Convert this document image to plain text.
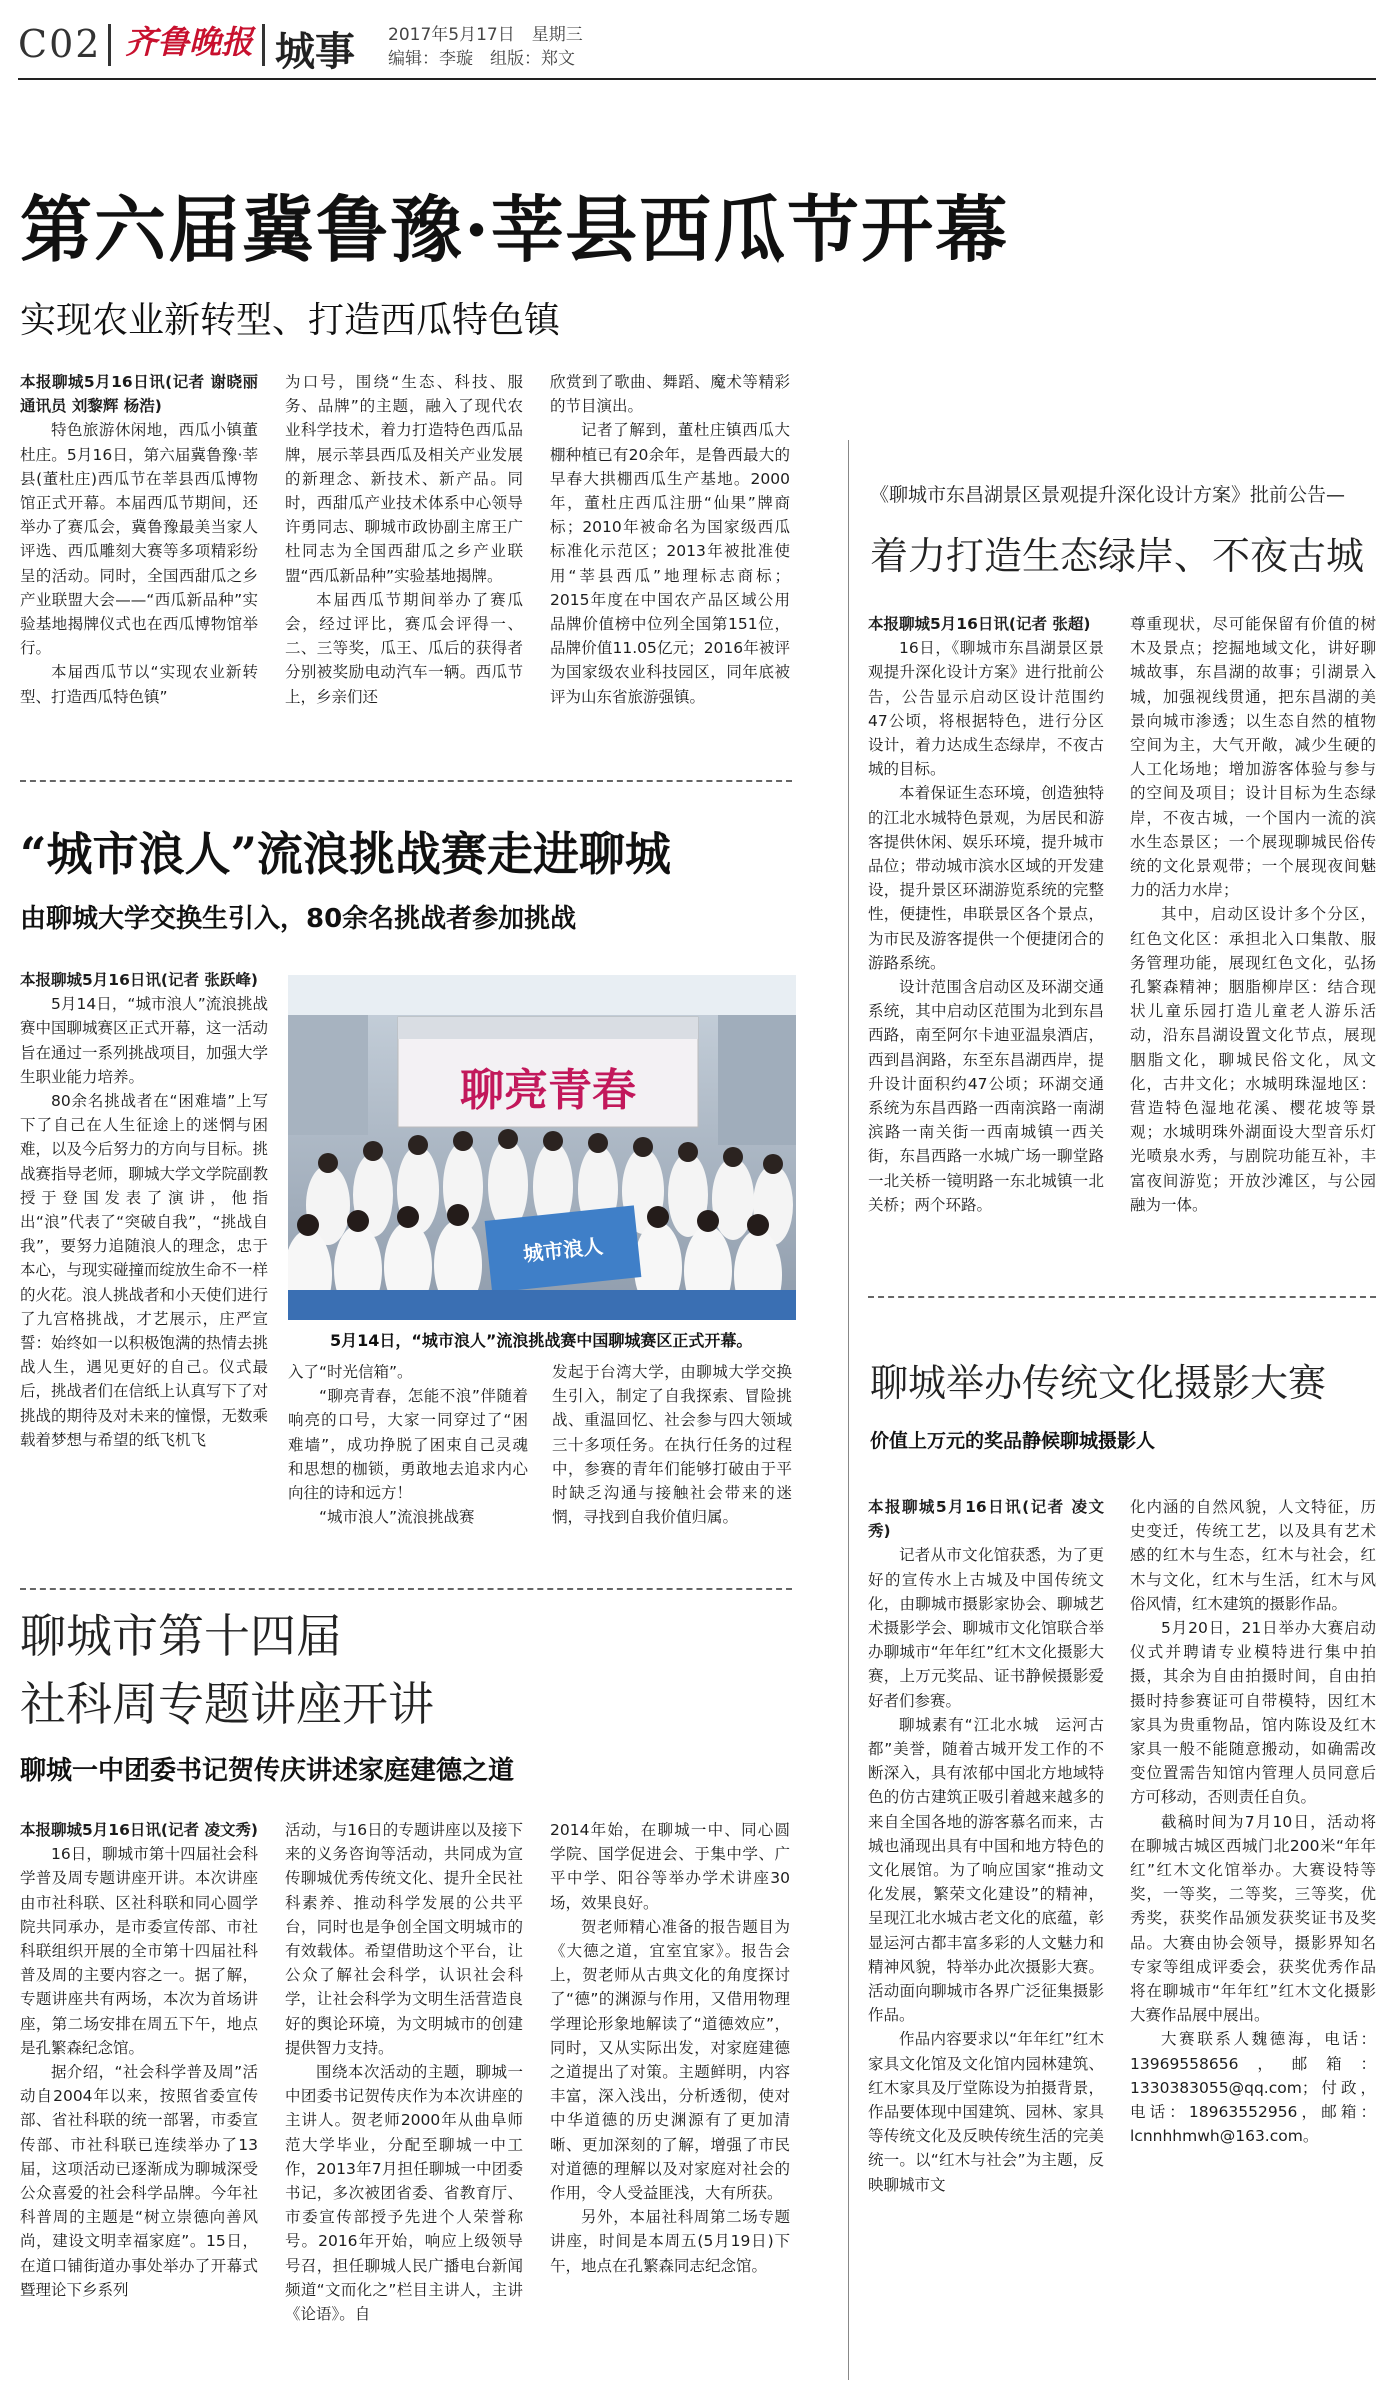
C02 齐鲁晚报 城事 2017年5月17日　星期三
编辑：李璇　组版：郑文
第六届冀鲁豫·莘县西瓜节开幕
实现农业新转型、打造西瓜特色镇

本报聊城5月16日讯(记者 谢晓丽 通讯员 刘黎辉 杨浩)

特色旅游休闲地，西瓜小镇董杜庄。5月16日，第六届冀鲁豫·莘县(董杜庄)西瓜节在莘县西瓜博物馆正式开幕。本届西瓜节期间，还举办了赛瓜会，冀鲁豫最美当家人评选、西瓜雕刻大赛等多项精彩纷呈的活动。同时，全国西甜瓜之乡产业联盟大会——“西瓜新品种”实验基地揭牌仪式也在西瓜博物馆举行。

本届西瓜节以“实现农业新转型、打造西瓜特色镇”

为口号，围绕“生态、科技、服务、品牌”的主题，融入了现代农业科学技术，着力打造特色西瓜品牌，展示莘县西瓜及相关产业发展的新理念、新技术、新产品。同时，西甜瓜产业技术体系中心领导许勇同志、聊城市政协副主席王广杜同志为全国西甜瓜之乡产业联盟“西瓜新品种”实验基地揭牌。

本届西瓜节期间举办了赛瓜会，经过评比，赛瓜会评得一、二、三等奖，瓜王、瓜后的获得者分别被奖励电动汽车一辆。西瓜节上，乡亲们还

欣赏到了歌曲、舞蹈、魔术等精彩的节目演出。

记者了解到，董杜庄镇西瓜大棚种植已有20余年，是鲁西最大的早春大拱棚西瓜生产基地。2000年，董杜庄西瓜注册“仙果”牌商标；2010年被命名为国家级西瓜标准化示范区；2013年被批准使用“莘县西瓜”地理标志商标；2015年度在中国农产品区域公用品牌价值榜中位列全国第151位，品牌价值11.05亿元；2016年被评为国家级农业科技园区，同年底被评为山东省旅游强镇。

“城市浪人”流浪挑战赛走进聊城
由聊城大学交换生引入，80余名挑战者参加挑战

本报聊城5月16日讯(记者 张跃峰)

5月14日，“城市浪人”流浪挑战赛中国聊城赛区正式开幕，这一活动旨在通过一系列挑战项目，加强大学生职业能力培养。

80余名挑战者在“困难墙”上写下了自己在人生征途上的迷惘与困难，以及今后努力的方向与目标。挑战赛指导老师，聊城大学文学院副教授于登国发表了演讲，他指出“浪”代表了“突破自我”，“挑战自我”，要努力追随浪人的理念，忠于本心，与现实碰撞而绽放生命不一样的火花。浪人挑战者和小天使们进行了九宫格挑战，才艺展示，庄严宣誓：始终如一以积极饱满的热情去挑战人生，遇见更好的自己。仪式最后，挑战者们在信纸上认真写下了对挑战的期待及对未来的憧憬，无数乘载着梦想与希望的纸飞机飞

聊亮青春
城市浪人
5月14日，“城市浪人”流浪挑战赛中国聊城赛区正式开幕。

入了“时光信箱”。

“聊亮青春，怎能不浪”伴随着响亮的口号，大家一同穿过了“困难墙”，成功挣脱了困束自己灵魂和思想的枷锁，勇敢地去追求内心向往的诗和远方！

“城市浪人”流浪挑战赛

发起于台湾大学，由聊城大学交换生引入，制定了自我探索、冒险挑战、重温回忆、社会参与四大领域三十多项任务。在执行任务的过程中，参赛的青年们能够打破由于平时缺乏沟通与接触社会带来的迷惘，寻找到自我价值归属。

聊城市第十四届
社科周专题讲座开讲
聊城一中团委书记贺传庆讲述家庭建德之道

本报聊城5月16日讯(记者 凌文秀)

16日，聊城市第十四届社会科学普及周专题讲座开讲。本次讲座由市社科联、区社科联和同心圆学院共同承办，是市委宣传部、市社科联组织开展的全市第十四届社科普及周的主要内容之一。据了解，专题讲座共有两场，本次为首场讲座，第二场安排在周五下午，地点是孔繁森纪念馆。

据介绍，“社会科学普及周”活动自2004年以来，按照省委宣传部、省社科联的统一部署，市委宣传部、市社科联已连续举办了13届，这项活动已逐渐成为聊城深受公众喜爱的社会科学品牌。今年社科普周的主题是“树立崇德向善风尚，建设文明幸福家庭”。15日，在道口铺街道办事处举办了开幕式暨理论下乡系列

活动，与16日的专题讲座以及接下来的义务咨询等活动，共同成为宣传聊城优秀传统文化、提升全民社科素养、推动科学发展的公共平台，同时也是争创全国文明城市的有效载体。希望借助这个平台，让公众了解社会科学，认识社会科学，让社会科学为文明生活营造良好的舆论环境，为文明城市的创建提供智力支持。

围绕本次活动的主题，聊城一中团委书记贺传庆作为本次讲座的主讲人。贺老师2000年从曲阜师范大学毕业，分配至聊城一中工作，2013年7月担任聊城一中团委书记，多次被团省委、省教育厅、市委宣传部授予先进个人荣誉称号。2016年开始，响应上级领导号召，担任聊城人民广播电台新闻频道“文而化之”栏目主讲人，主讲《论语》。自

2014年始，在聊城一中、同心圆学院、国学促进会、于集中学、广平中学、阳谷等举办学术讲座30场，效果良好。

贺老师精心准备的报告题目为《大德之道，宜室宜家》。报告会上，贺老师从古典文化的角度探讨了“德”的渊源与作用，又借用物理学理论形象地解读了“道德效应”，同时，又从实际出发，对家庭建德之道提出了对策。主题鲜明，内容丰富，深入浅出，分析透彻，使对中华道德的历史渊源有了更加清晰、更加深刻的了解，增强了市民对道德的理解以及对家庭对社会的作用，令人受益匪浅，大有所获。

另外，本届社科周第二场专题讲座，时间是本周五(5月19日)下午，地点在孔繁森同志纪念馆。

《聊城市东昌湖景区景观提升深化设计方案》批前公告—
着力打造生态绿岸、不夜古城

本报聊城5月16日讯(记者 张超)

16日，《聊城市东昌湖景区景观提升深化设计方案》进行批前公告，公告显示启动区设计范围约47公顷，将根据特色，进行分区设计，着力达成生态绿岸，不夜古城的目标。

本着保证生态环境，创造独特的江北水城特色景观，为居民和游客提供休闲、娱乐环境，提升城市品位；带动城市滨水区域的开发建设，提升景区环湖游览系统的完整性，便捷性，串联景区各个景点，为市民及游客提供一个便捷闭合的游路系统。

设计范围含启动区及环湖交通系统，其中启动区范围为北到东昌西路，南至阿尔卡迪亚温泉酒店，西到昌润路，东至东昌湖西岸，提升设计面积约47公顷；环湖交通系统为东昌西路一西南滨路一南湖滨路一南关街一西南城镇一西关街，东昌西路一水城广场一聊堂路一北关桥一镜明路一东北城镇一北关桥；两个环路。

尊重现状，尽可能保留有价值的树木及景点；挖掘地域文化，讲好聊城故事，东昌湖的故事；引湖景入城，加强视线贯通，把东昌湖的美景向城市渗透；以生态自然的植物空间为主，大气开敞，减少生硬的人工化场地；增加游客体验与参与的空间及项目；设计目标为生态绿岸，不夜古城，一个国内一流的滨水生态景区；一个展现聊城民俗传统的文化景观带；一个展现夜间魅力的活力水岸；

其中，启动区设计多个分区，红色文化区：承担北入口集散、服务管理功能，展现红色文化，弘扬孔繁森精神；胭脂柳岸区：结合现状儿童乐园打造儿童老人游乐活动，沿东昌湖设置文化节点，展现胭脂文化，聊城民俗文化，凤文化，古井文化；水城明珠湿地区：营造特色湿地花溪、樱花坡等景观；水城明珠外湖面设大型音乐灯光喷泉水秀，与剧院功能互补，丰富夜间游览；开放沙滩区，与公园融为一体。

聊城举办传统文化摄影大赛
价值上万元的奖品静候聊城摄影人

本报聊城5月16日讯(记者 凌文秀)

记者从市文化馆获悉，为了更好的宣传水上古城及中国传统文化，由聊城市摄影家协会、聊城艺术摄影学会、聊城市文化馆联合举办聊城市“年年红”红木文化摄影大赛，上万元奖品、证书静候摄影爱好者们参赛。

聊城素有“江北水城　运河古都”美誉，随着古城开发工作的不断深入，具有浓郁中国北方地域特色的仿古建筑正吸引着越来越多的来自全国各地的游客慕名而来，古城也涌现出具有中国和地方特色的文化展馆。为了响应国家“推动文化发展，繁荣文化建设”的精神，呈现江北水城古老文化的底蕴，彰显运河古都丰富多彩的人文魅力和精神风貌，特举办此次摄影大赛。活动面向聊城市各界广泛征集摄影作品。

作品内容要求以“年年红”红木家具文化馆及文化馆内园林建筑、红木家具及厅堂陈设为拍摄背景，作品要体现中国建筑、园林、家具等传统文化及反映传统生活的完美统一。以“红木与社会”为主题，反映聊城市文

化内涵的自然风貌，人文特征，历史变迁，传统工艺，以及具有艺术感的红木与生态，红木与社会，红木与文化，红木与生活，红木与风俗风情，红木建筑的摄影作品。

5月20日，21日举办大赛启动仪式并聘请专业模特进行集中拍摄，其余为自由拍摄时间，自由拍摄时持参赛证可自带模特，因红木家具为贵重物品，馆内陈设及红木家具一般不能随意搬动，如确需改变位置需告知馆内管理人员同意后方可移动，否则责任自负。

截稿时间为7月10日，活动将在聊城古城区西城门北200米“年年红”红木文化馆举办。大赛设特等奖，一等奖，二等奖，三等奖，优秀奖，获奖作品颁发获奖证书及奖品。大赛由协会领导，摄影界知名专家等组成评委会，获奖优秀作品将在聊城市“年年红”红木文化摄影大赛作品展中展出。

大赛联系人魏德海，电话：13969558656，邮箱：1330383055@qq.com；付政，电话：18963552956，邮箱：lcnnhhmwh@163.com。
